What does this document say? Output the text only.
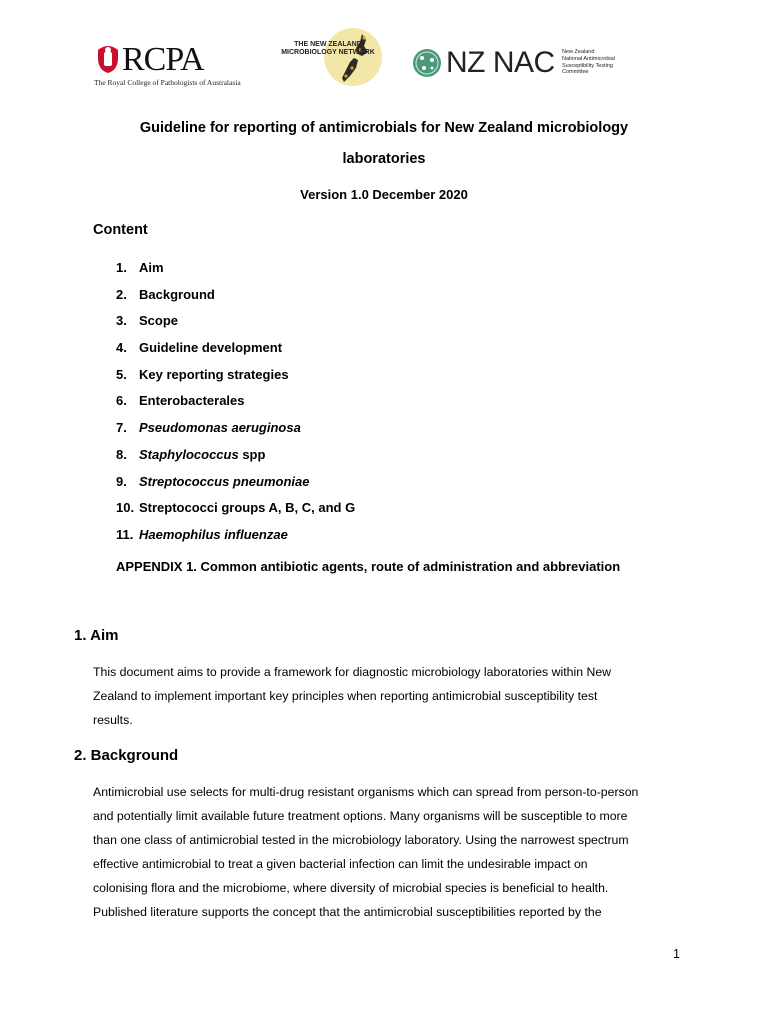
RCPA
The Royal College of Pathologists of Australasia
THE NEW ZEALAND MICROBIOLOGY NETWORK NZ NAC New Zealand
National Antimicrobial
Susceptibility Testing
Committee
Guideline for reporting of antimicrobials for New Zealand microbiology
laboratories
Version 1.0 December 2020
Content
1. Aim
2. Background
3. Scope
4. Guideline development
5. Key reporting strategies
6. Enterobacterales
7. Pseudomonas aeruginosa
8. Staphylococcus spp
9. Streptococcus pneumoniae
10. Streptococci groups A, B, C, and G
11. Haemophilus influenzae
APPENDIX 1. Common antibiotic agents, route of administration and abbreviation
1. Aim

This document aims to provide a framework for diagnostic microbiology laboratories within New
Zealand to implement important key principles when reporting antimicrobial susceptibility test
results.

2. Background

Antimicrobial use selects for multi-drug resistant organisms which can spread from person-to-person
and potentially limit available future treatment options. Many organisms will be susceptible to more
than one class of antimicrobial tested in the microbiology laboratory. Using the narrowest spectrum
effective antimicrobial to treat a given bacterial infection can limit the undesirable impact on
colonising flora and the microbiome, where diversity of microbial species is beneficial to health.
Published literature supports the concept that the antimicrobial susceptibilities reported by the

1
